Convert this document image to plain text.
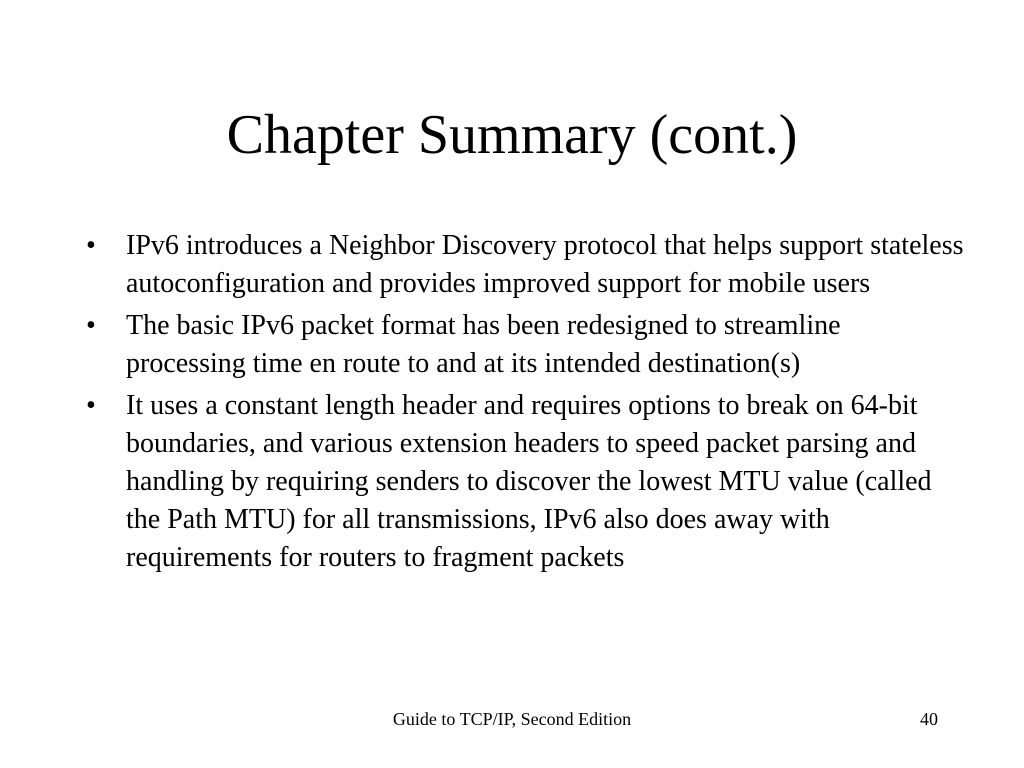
Chapter Summary (cont.)
•	IPv6 introduces a Neighbor Discovery protocol that helps support stateless autoconfiguration and provides improved support for mobile users
•	The basic IPv6 packet format has been redesigned to streamline processing time en route to and at its intended destination(s)
•	It uses a constant length header and requires options to break on 64-bit boundaries, and various extension headers to speed packet parsing and handling by requiring senders to discover the lowest MTU value (called the Path MTU) for all transmissions, IPv6 also does away with requirements for routers to fragment packets
Guide to TCP/IP, Second Edition	40
